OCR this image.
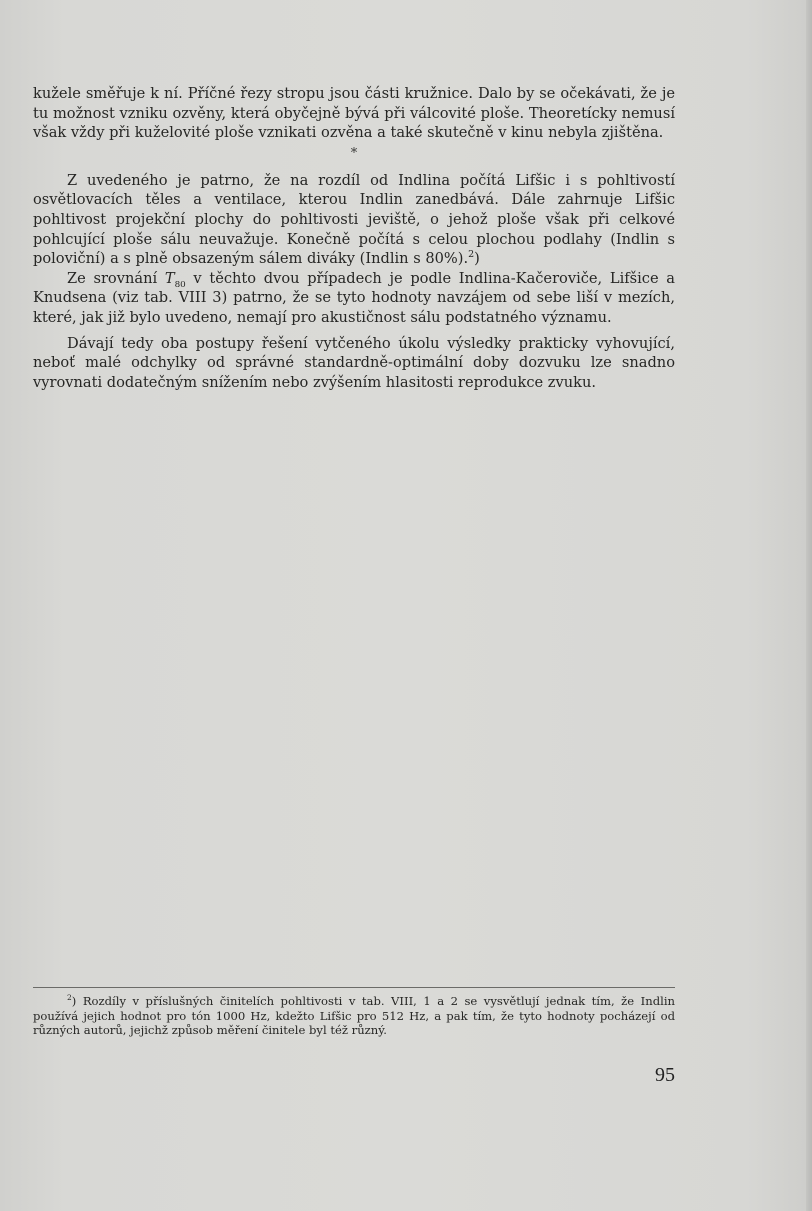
kužele směřuje k ní. Příčné řezy stropu jsou části kružnice. Dalo by se očekávati, že je tu možnost vzniku ozvěny, která obyčejně bývá při válcovité ploše. Theoretícky nemusí však vždy při kuželovité ploše vznikati ozvěna a také skutečně v kinu nebyla zjištěna.

*

Z uvedeného je patrno, že na rozdíl od Indlina počítá Lifšic i s pohltivostí osvětlovacích těles a ventilace, kterou Indlin zanedbává. Dále zahrnuje Lifšic pohltivost projekční plochy do pohltivosti jeviště, o jehož ploše však při celkové pohlcující ploše sálu neuvažuje. Konečně počítá s celou plochou podlahy (Indlin s poloviční) a s plně obsazeným sálem diváky (Indlin s 80%).$^2$)

Ze srovnání $T_{80}$ v těchto dvou případech je podle Indlina-Kačeroviče, Lifšice a Knudsena (viz tab. VIII 3) patrno, že se tyto hodnoty navzájem od sebe liší v mezích, které, jak již bylo uvedeno, nemají pro akustičnost sálu podstatného významu.

Dávají tedy oba postupy řešení vytčeného úkolu výsledky prakticky vyhovující, neboť malé odchylky od správné standardně-optimální doby dozvuku lze snadno vyrovnati dodatečným snížením nebo zvýšením hlasitosti reprodukce zvuku.

$^2$) Rozdíly v příslušných činitelích pohltivosti v tab. VIII, 1 a 2 se vysvětlují jednak tím, že Indlin používá jejich hodnot pro tón 1000 Hz, kdežto Lifšic pro 512 Hz, a pak tím, že tyto hodnoty pocházejí od různých autorů, jejichž způsob měření činitele byl též různý.

95
